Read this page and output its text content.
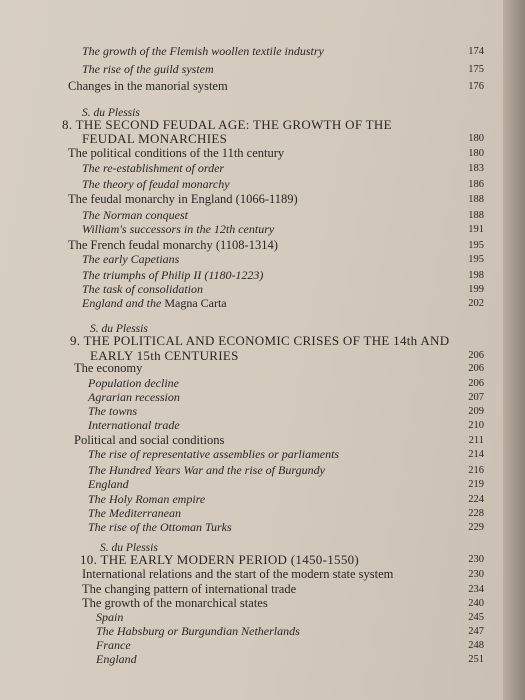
The growth of the Flemish woollen textile industry	174
The rise of the guild system	175
Changes in the manorial system	176
S. du Plessis
8. THE SECOND FEUDAL AGE: THE GROWTH OF THE
FEUDAL MONARCHIES	180
The political conditions of the 11th century	180
The re-establishment of order	183
The theory of feudal monarchy	186
The feudal monarchy in England (1066-1189)	188
The Norman conquest	188
William's successors in the 12th century	191
The French feudal monarchy (1108-1314)	195
The early Capetians	195
The triumphs of Philip II (1180-1223)	198
The task of consolidation	199
England and the Magna Carta	202
S. du Plessis
9. THE POLITICAL AND ECONOMIC CRISES OF THE 14th AND
EARLY 15th CENTURIES	206
The economy	206
Population decline	206
Agrarian recession	207
The towns	209
International trade	210
Political and social conditions	211
The rise of representative assemblies or parliaments	214
The Hundred Years War and the rise of Burgundy	216
England	219
The Holy Roman empire	224
The Mediterranean	228
The rise of the Ottoman Turks	229
S. du Plessis
10. THE EARLY MODERN PERIOD (1450-1550)	230
International relations and the start of the modern state system	230
The changing pattern of international trade	234
The growth of the monarchical states	240
Spain	245
The Habsburg or Burgundian Netherlands	247
France	248
England	251
